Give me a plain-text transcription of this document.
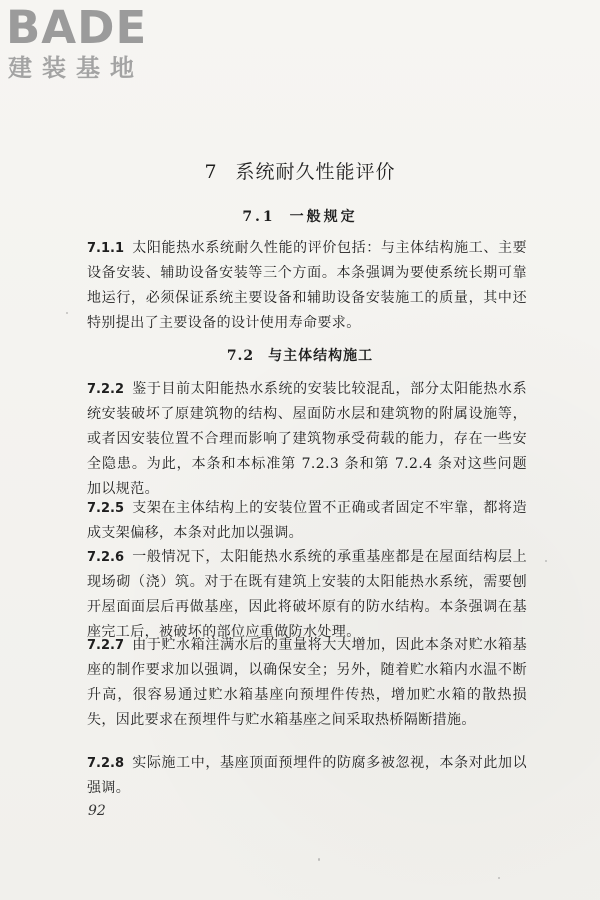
BADE
建装基地
7 系统耐久性能评价
7.1 一般规定
7.1.1 太阳能热水系统耐久性能的评价包括：与主体结构施工、主要设备安装、辅助设备安装等三个方面。本条强调为要使系统长期可靠地运行，必须保证系统主要设备和辅助设备安装施工的质量，其中还特别提出了主要设备的设计使用寿命要求。
7.2 与主体结构施工
7.2.2 鉴于目前太阳能热水系统的安装比较混乱，部分太阳能热水系统安装破坏了原建筑物的结构、屋面防水层和建筑物的附属设施等，或者因安装位置不合理而影响了建筑物承受荷载的能力，存在一些安全隐患。为此，本条和本标准第 7.2.3 条和第 7.2.4 条对这些问题加以规范。
7.2.5 支架在主体结构上的安装位置不正确或者固定不牢靠，都将造成支架偏移，本条对此加以强调。
7.2.6 一般情况下，太阳能热水系统的承重基座都是在屋面结构层上现场砌（浇）筑。对于在既有建筑上安装的太阳能热水系统，需要刨开屋面面层后再做基座，因此将破坏原有的防水结构。本条强调在基座完工后，被破坏的部位应重做防水处理。
7.2.7 由于贮水箱注满水后的重量将大大增加，因此本条对贮水箱基座的制作要求加以强调，以确保安全；另外，随着贮水箱内水温不断升高，很容易通过贮水箱基座向预埋件传热，增加贮水箱的散热损失，因此要求在预埋件与贮水箱基座之间采取热桥隔断措施。
7.2.8 实际施工中，基座顶面预埋件的防腐多被忽视，本条对此加以强调。
92
